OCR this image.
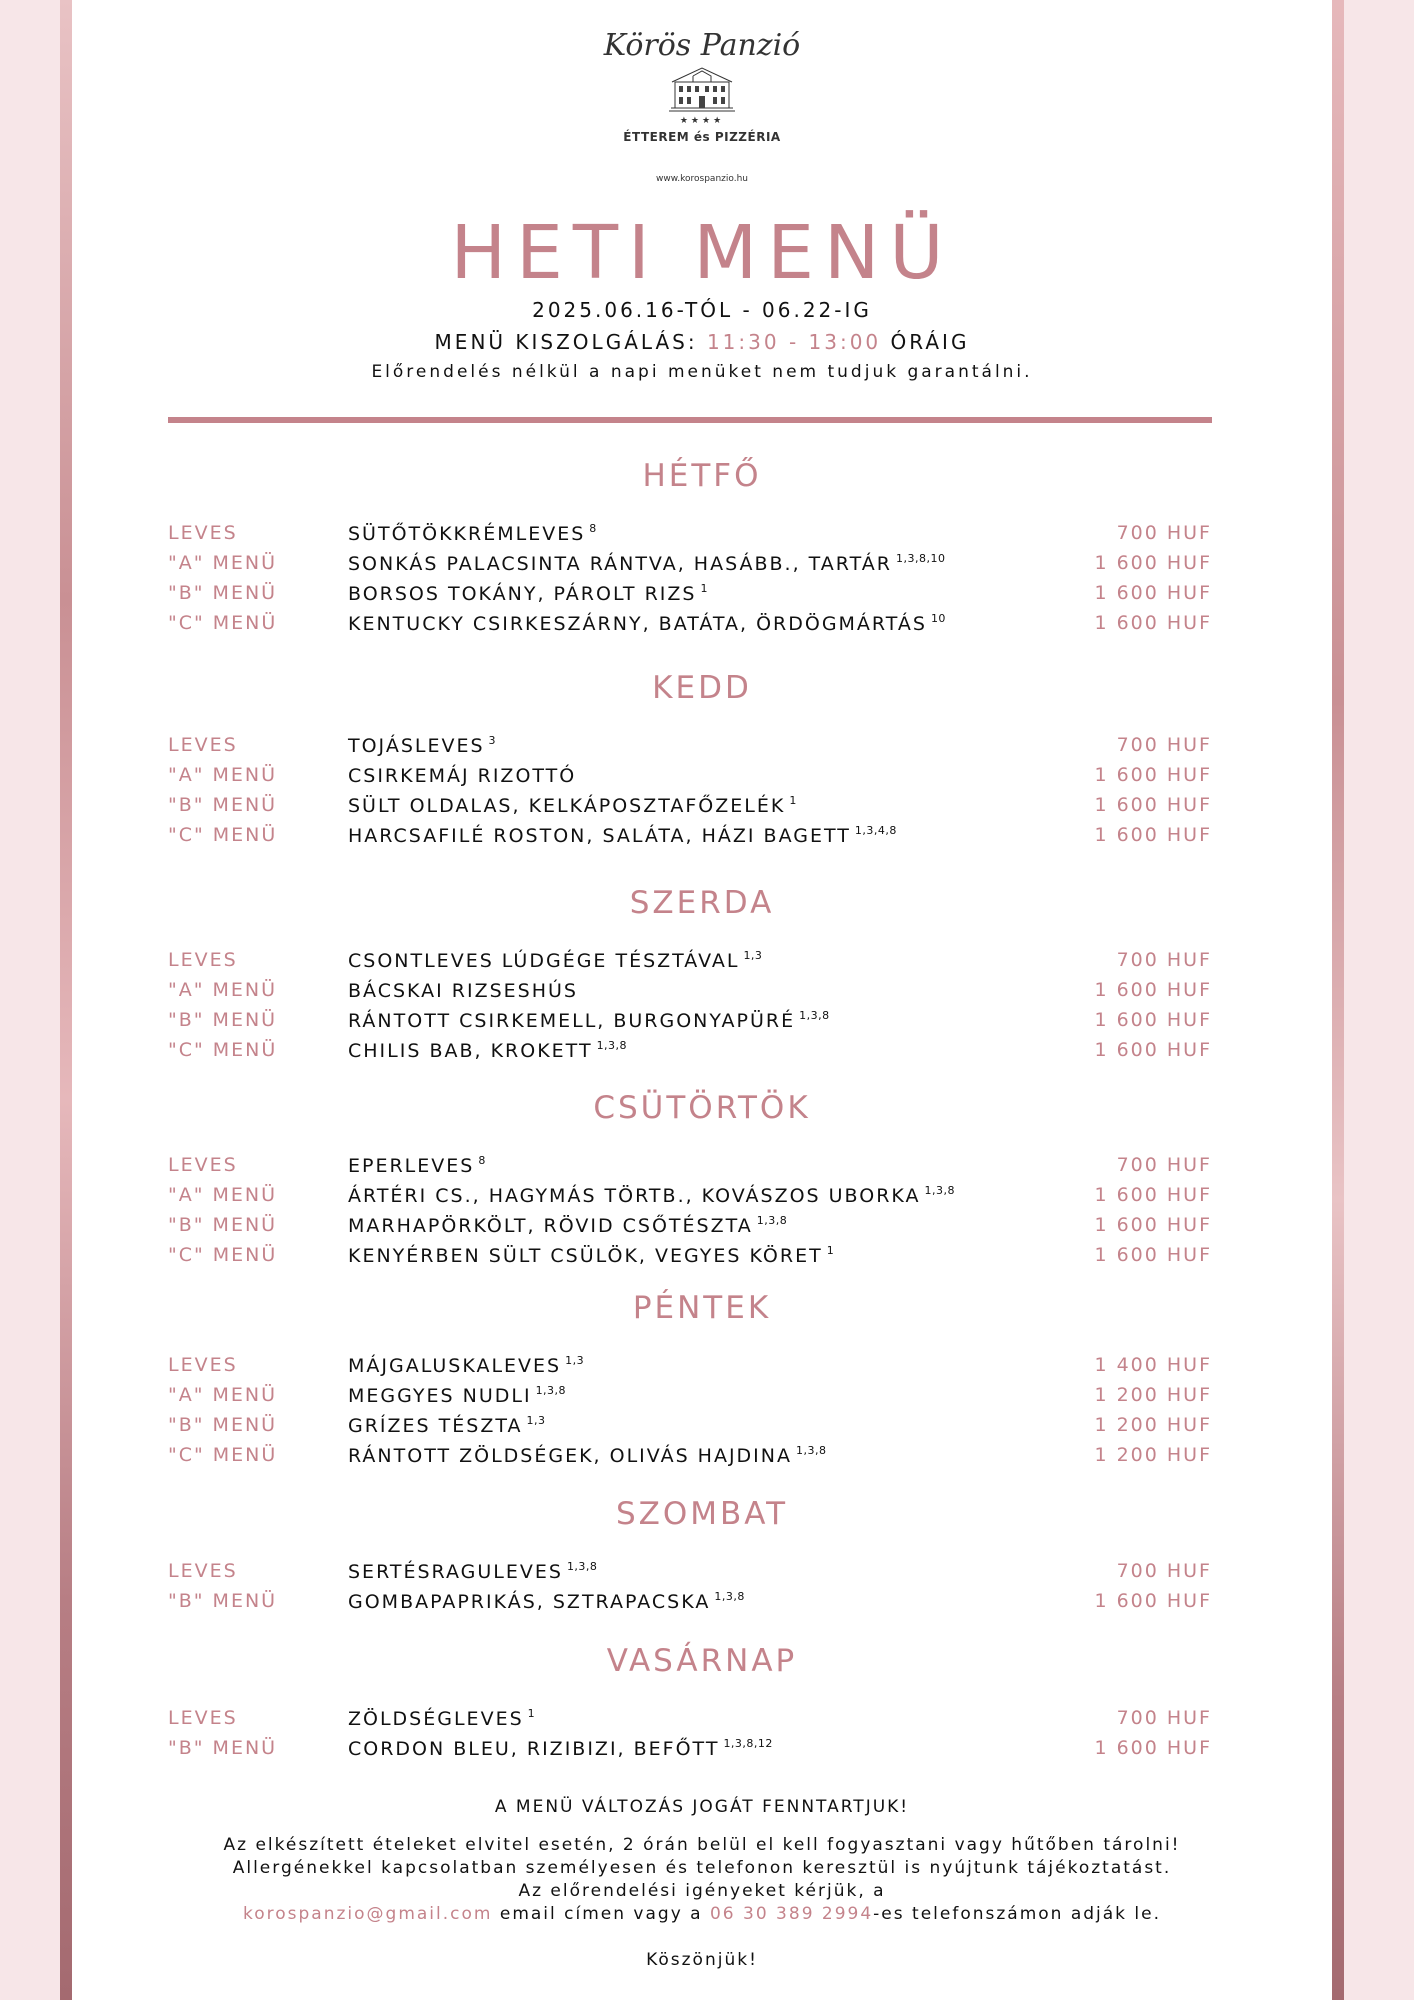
Körös Panzió
★★★★
ÉTTEREM és PIZZÉRIA
www.korospanzio.hu
HETI MENÜ
2025.06.16-TÓL - 06.22-IG
MENÜ KISZOLGÁLÁS: 11:30 - 13:00 ÓRÁIG
Előrendelés nélkül a napi menüket nem tudjuk garantálni.
HÉTFŐ
LEVES	SÜTŐTÖKKRÉMLEVES $^8$	700 HUF
"A" MENÜ	SONKÁS PALACSINTA RÁNTVA, HASÁBB., TARTÁR $^{1,3,8,10}$	1 600 HUF
"B" MENÜ	BORSOS TOKÁNY, PÁROLT RIZS $^1$	1 600 HUF
"C" MENÜ	KENTUCKY CSIRKESZÁRNY, BATÁTA, ÖRDÖGMÁRTÁS $^{10}$	1 600 HUF
KEDD
LEVES	TOJÁSLEVES $^3$	700 HUF
"A" MENÜ	CSIRKEMÁJ RIZOTTÓ	1 600 HUF
"B" MENÜ	SÜLT OLDALAS, KELKÁPOSZTAFŐZELÉK $^1$	1 600 HUF
"C" MENÜ	HARCSAFILÉ ROSTON, SALÁTA, HÁZI BAGETT $^{1,3,4,8}$	1 600 HUF
SZERDA
LEVES	CSONTLEVES LÚDGÉGE TÉSZTÁVAL $^{1,3}$	700 HUF
"A" MENÜ	BÁCSKAI RIZSESHÚS	1 600 HUF
"B" MENÜ	RÁNTOTT CSIRKEMELL, BURGONYAPÜRÉ $^{1,3,8}$	1 600 HUF
"C" MENÜ	CHILIS BAB, KROKETT $^{1,3,8}$	1 600 HUF
CSÜTÖRTÖK
LEVES	EPERLEVES $^8$	700 HUF
"A" MENÜ	ÁRTÉRI CS., HAGYMÁS TÖRTB., KOVÁSZOS UBORKA $^{1,3,8}$	1 600 HUF
"B" MENÜ	MARHAPÖRKÖLT, RÖVID CSŐTÉSZTA $^{1,3,8}$	1 600 HUF
"C" MENÜ	KENYÉRBEN SÜLT CSÜLÖK, VEGYES KÖRET $^1$	1 600 HUF
PÉNTEK
LEVES	MÁJGALUSKALEVES $^{1,3}$	1 400 HUF
"A" MENÜ	MEGGYES NUDLI $^{1,3,8}$	1 200 HUF
"B" MENÜ	GRÍZES TÉSZTA $^{1,3}$	1 200 HUF
"C" MENÜ	RÁNTOTT ZÖLDSÉGEK, OLIVÁS HAJDINA $^{1,3,8}$	1 200 HUF
SZOMBAT
LEVES	SERTÉSRAGULEVES $^{1,3,8}$	700 HUF
"B" MENÜ	GOMBAPAPRIKÁS, SZTRAPACSKA $^{1,3,8}$	1 600 HUF
VASÁRNAP
LEVES	ZÖLDSÉGLEVES $^1$	700 HUF
"B" MENÜ	CORDON BLEU, RIZIBIZI, BEFŐTT $^{1,3,8,12}$	1 600 HUF
A MENÜ VÁLTOZÁS JOGÁT FENNTARTJUK!
Az elkészített ételeket elvitel esetén, 2 órán belül el kell fogyasztani vagy hűtőben tárolni!
Allergénekkel kapcsolatban személyesen és telefonon keresztül is nyújtunk tájékoztatást.
Az előrendelési igényeket kérjük, a
korospanzio@gmail.com email címen vagy a 06 30 389 2994-es telefonszámon adják le.
Köszönjük!
